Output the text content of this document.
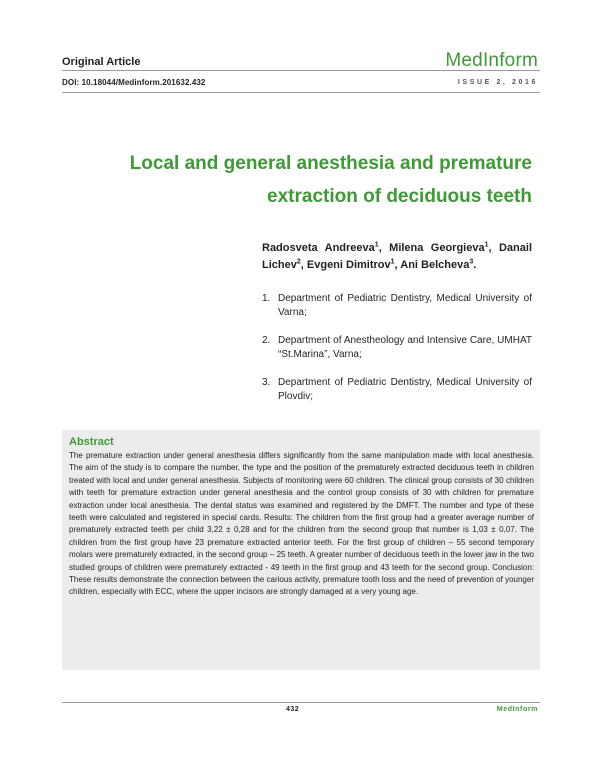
Original Article	MedInform
DOI: 10.18044/Medinform.201632.432	ISSUE 2, 2016
Local and general anesthesia and premature extraction of deciduous teeth
Radosveta Andreeva$^1$, Milena Georgieva$^1$, Danail Lichev$^2$, Evgeni Dimitrov$^1$, Ani Belcheva$^3$.
1. Department of Pediatric Dentistry, Medical University of Varna;
2. Department of Anestheology and Intensive Care, UMHAT “St.Marina”, Varna;
3. Department of Pediatric Dentistry, Medical University of Plovdiv;
Abstract
The premature extraction under general anesthesia differs significantly from the same manipulation made with local anesthesia. The aim of the study is to compare the number, the type and the position of the prematurely extracted deciduous teeth in children treated with local and under general anesthesia. Subjects of monitoring were 60 children. The clinical group consists of 30 children with teeth for premature extraction under general anesthesia and the control group consists of 30 with children for premature extraction under local anesthesia. The dental status was examined and registered by the DMFT. The number and type of these teeth were calculated and registered in special cards. Results: The children from the first group had a greater average number of prematurely extracted teeth per child 3,22 ± 0,28 and for the children from the second group that number is 1,03 ± 0,07. The children from the first group have 23 premature extracted anterior teeth. For the first group of children – 55 second temporary molars were prematurely extracted, in the second group – 25 teeth. A greater number of deciduous teeth in the lower jaw in the two studied groups of children were prematurely extracted - 49 teeth in the first group and 43 teeth for the second group. Conclusion: These results demonstrate the connection between the carious activity, premature tooth loss and the need of prevention of younger children, especially with ECC, where the upper incisors are strongly damaged at a very young age.
432	MedInform
